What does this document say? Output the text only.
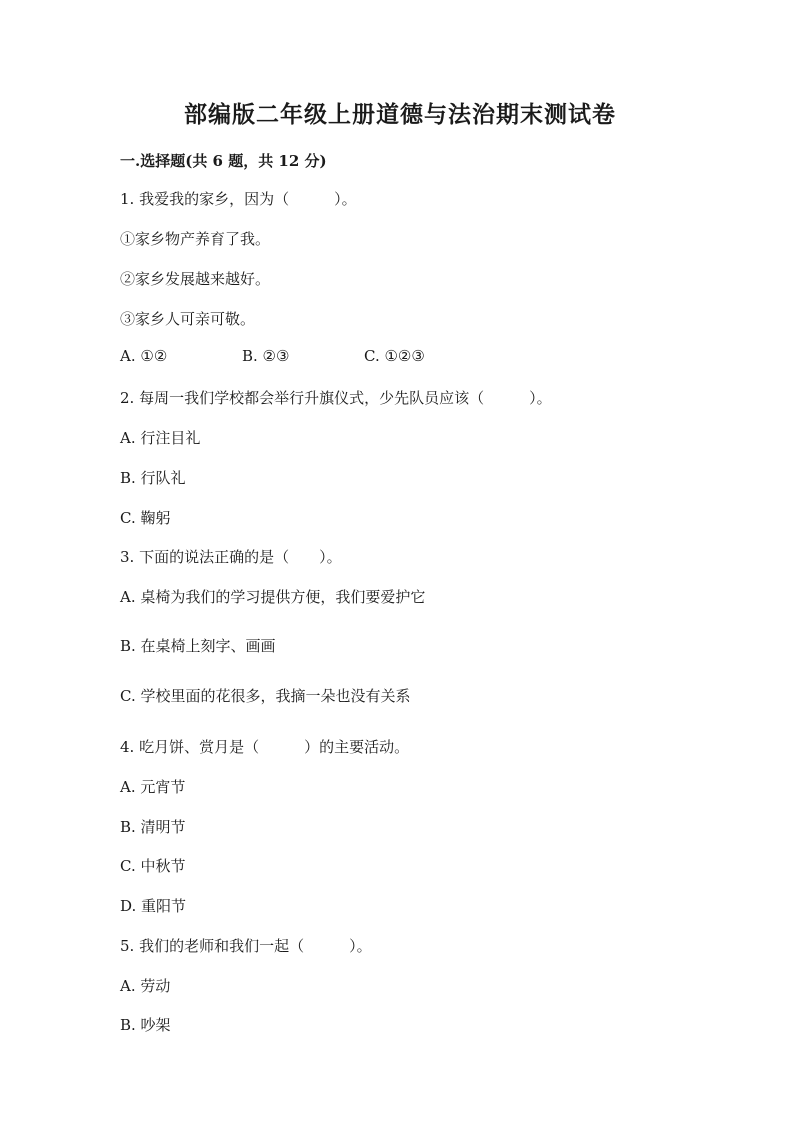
部编版二年级上册道德与法治期末测试卷
一.选择题(共 6 题，共 12 分)
1. 我爱我的家乡，因为（　　　）。
①家乡物产养育了我。
②家乡发展越来越好。
③家乡人可亲可敬。
A. ①②	B. ②③	C. ①②③
2. 每周一我们学校都会举行升旗仪式，少先队员应该（　　　）。
A. 行注目礼
B. 行队礼
C. 鞠躬
3. 下面的说法正确的是（　　）。
A. 桌椅为我们的学习提供方便，我们要爱护它
B. 在桌椅上刻字、画画
C. 学校里面的花很多，我摘一朵也没有关系
4. 吃月饼、赏月是（　　　）的主要活动。
A. 元宵节
B. 清明节
C. 中秋节
D. 重阳节
5. 我们的老师和我们一起（　　　）。
A. 劳动
B. 吵架
